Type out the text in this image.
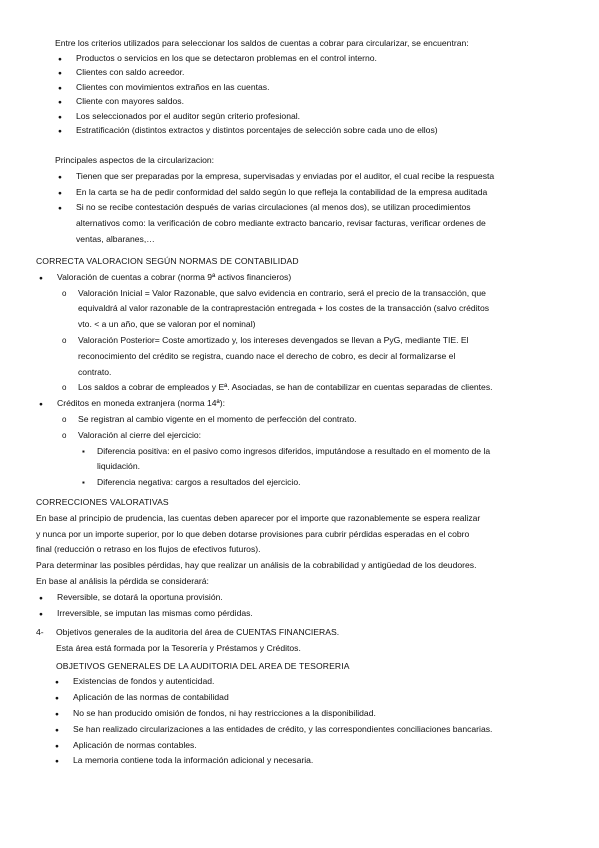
Entre los criterios utilizados para seleccionar los saldos de cuentas a cobrar para circularizar, se encuentran:
●
Productos o servicios en los que se detectaron problemas en el control interno.
●
Clientes con saldo acreedor.
●
Clientes con movimientos extraños en las cuentas.
●
Cliente con mayores saldos.
●
Los seleccionados por el auditor según criterio profesional.
●
Estratificación (distintos extractos y distintos porcentajes de selección sobre cada uno de ellos)
Principales aspectos de la circularizacion:
●
Tienen que ser preparadas por la empresa, supervisadas y enviadas por el auditor, el cual recibe la respuesta
●
En la carta se ha de pedir conformidad del saldo según lo que refleja la contabilidad de la empresa auditada
●
Si no se recibe contestación después de varias circulaciones (al menos dos), se utilizan procedimientos
alternativos como: la verificación de cobro mediante extracto bancario, revisar facturas, verificar ordenes de
ventas, albaranes,…
CORRECTA VALORACION SEGÚN NORMAS DE CONTABILIDAD
●
Valoración de cuentas a cobrar (norma 9ª activos financieros)
o
Valoración Inicial = Valor Razonable, que salvo evidencia en contrario, será el precio de la transacción, que
equivaldrá al valor razonable de la contraprestación entregada + los costes de la transacción (salvo créditos
vto. < a un año, que se valoran por el nominal)
o
Valoración Posterior= Coste amortizado y, los intereses devengados se llevan a PyG, mediante TIE. El
reconocimiento del crédito se registra, cuando nace el derecho de cobro, es decir al formalizarse el
contrato.
o
Los saldos a cobrar de empleados y Eª. Asociadas, se han de contabilizar en cuentas separadas de clientes.
●
Créditos en moneda extranjera (norma 14ª):
o
Se registran al cambio vigente en el momento de perfección del contrato.
o
Valoración al cierre del ejercicio:
▪
Diferencia positiva: en el pasivo como ingresos diferidos, imputándose a resultado en el momento de la
liquidación.
▪
Diferencia negativa: cargos a resultados del ejercicio.
CORRECCIONES VALORATIVAS
En base al principio de prudencia, las cuentas deben aparecer por el importe que razonablemente se espera realizar
y nunca por un importe superior, por lo que deben dotarse provisiones para cubrir pérdidas esperadas en el cobro
final (reducción o retraso en los flujos de efectivos futuros).
Para determinar las posibles pérdidas, hay que realizar un análisis de la cobrabilidad y antigüedad de los deudores.
En base al análisis la pérdida se considerará:
●
Reversible, se dotará la oportuna provisión.
●
Irreversible, se imputan las mismas como pérdidas.
4- Objetivos generales de la auditoria del área de CUENTAS FINANCIERAS.
Esta área está formada por la Tesorería y Préstamos y Créditos.
OBJETIVOS GENERALES DE LA AUDITORIA DEL AREA DE TESORERIA
●
Existencias de fondos y autenticidad.
●
Aplicación de las normas de contabilidad
●
No se han producido omisión de fondos, ni hay restricciones a la disponibilidad.
●
Se han realizado circularizaciones a las entidades de crédito, y las correspondientes conciliaciones bancarias.
●
Aplicación de normas contables.
●
La memoria contiene toda la información adicional y necesaria.
